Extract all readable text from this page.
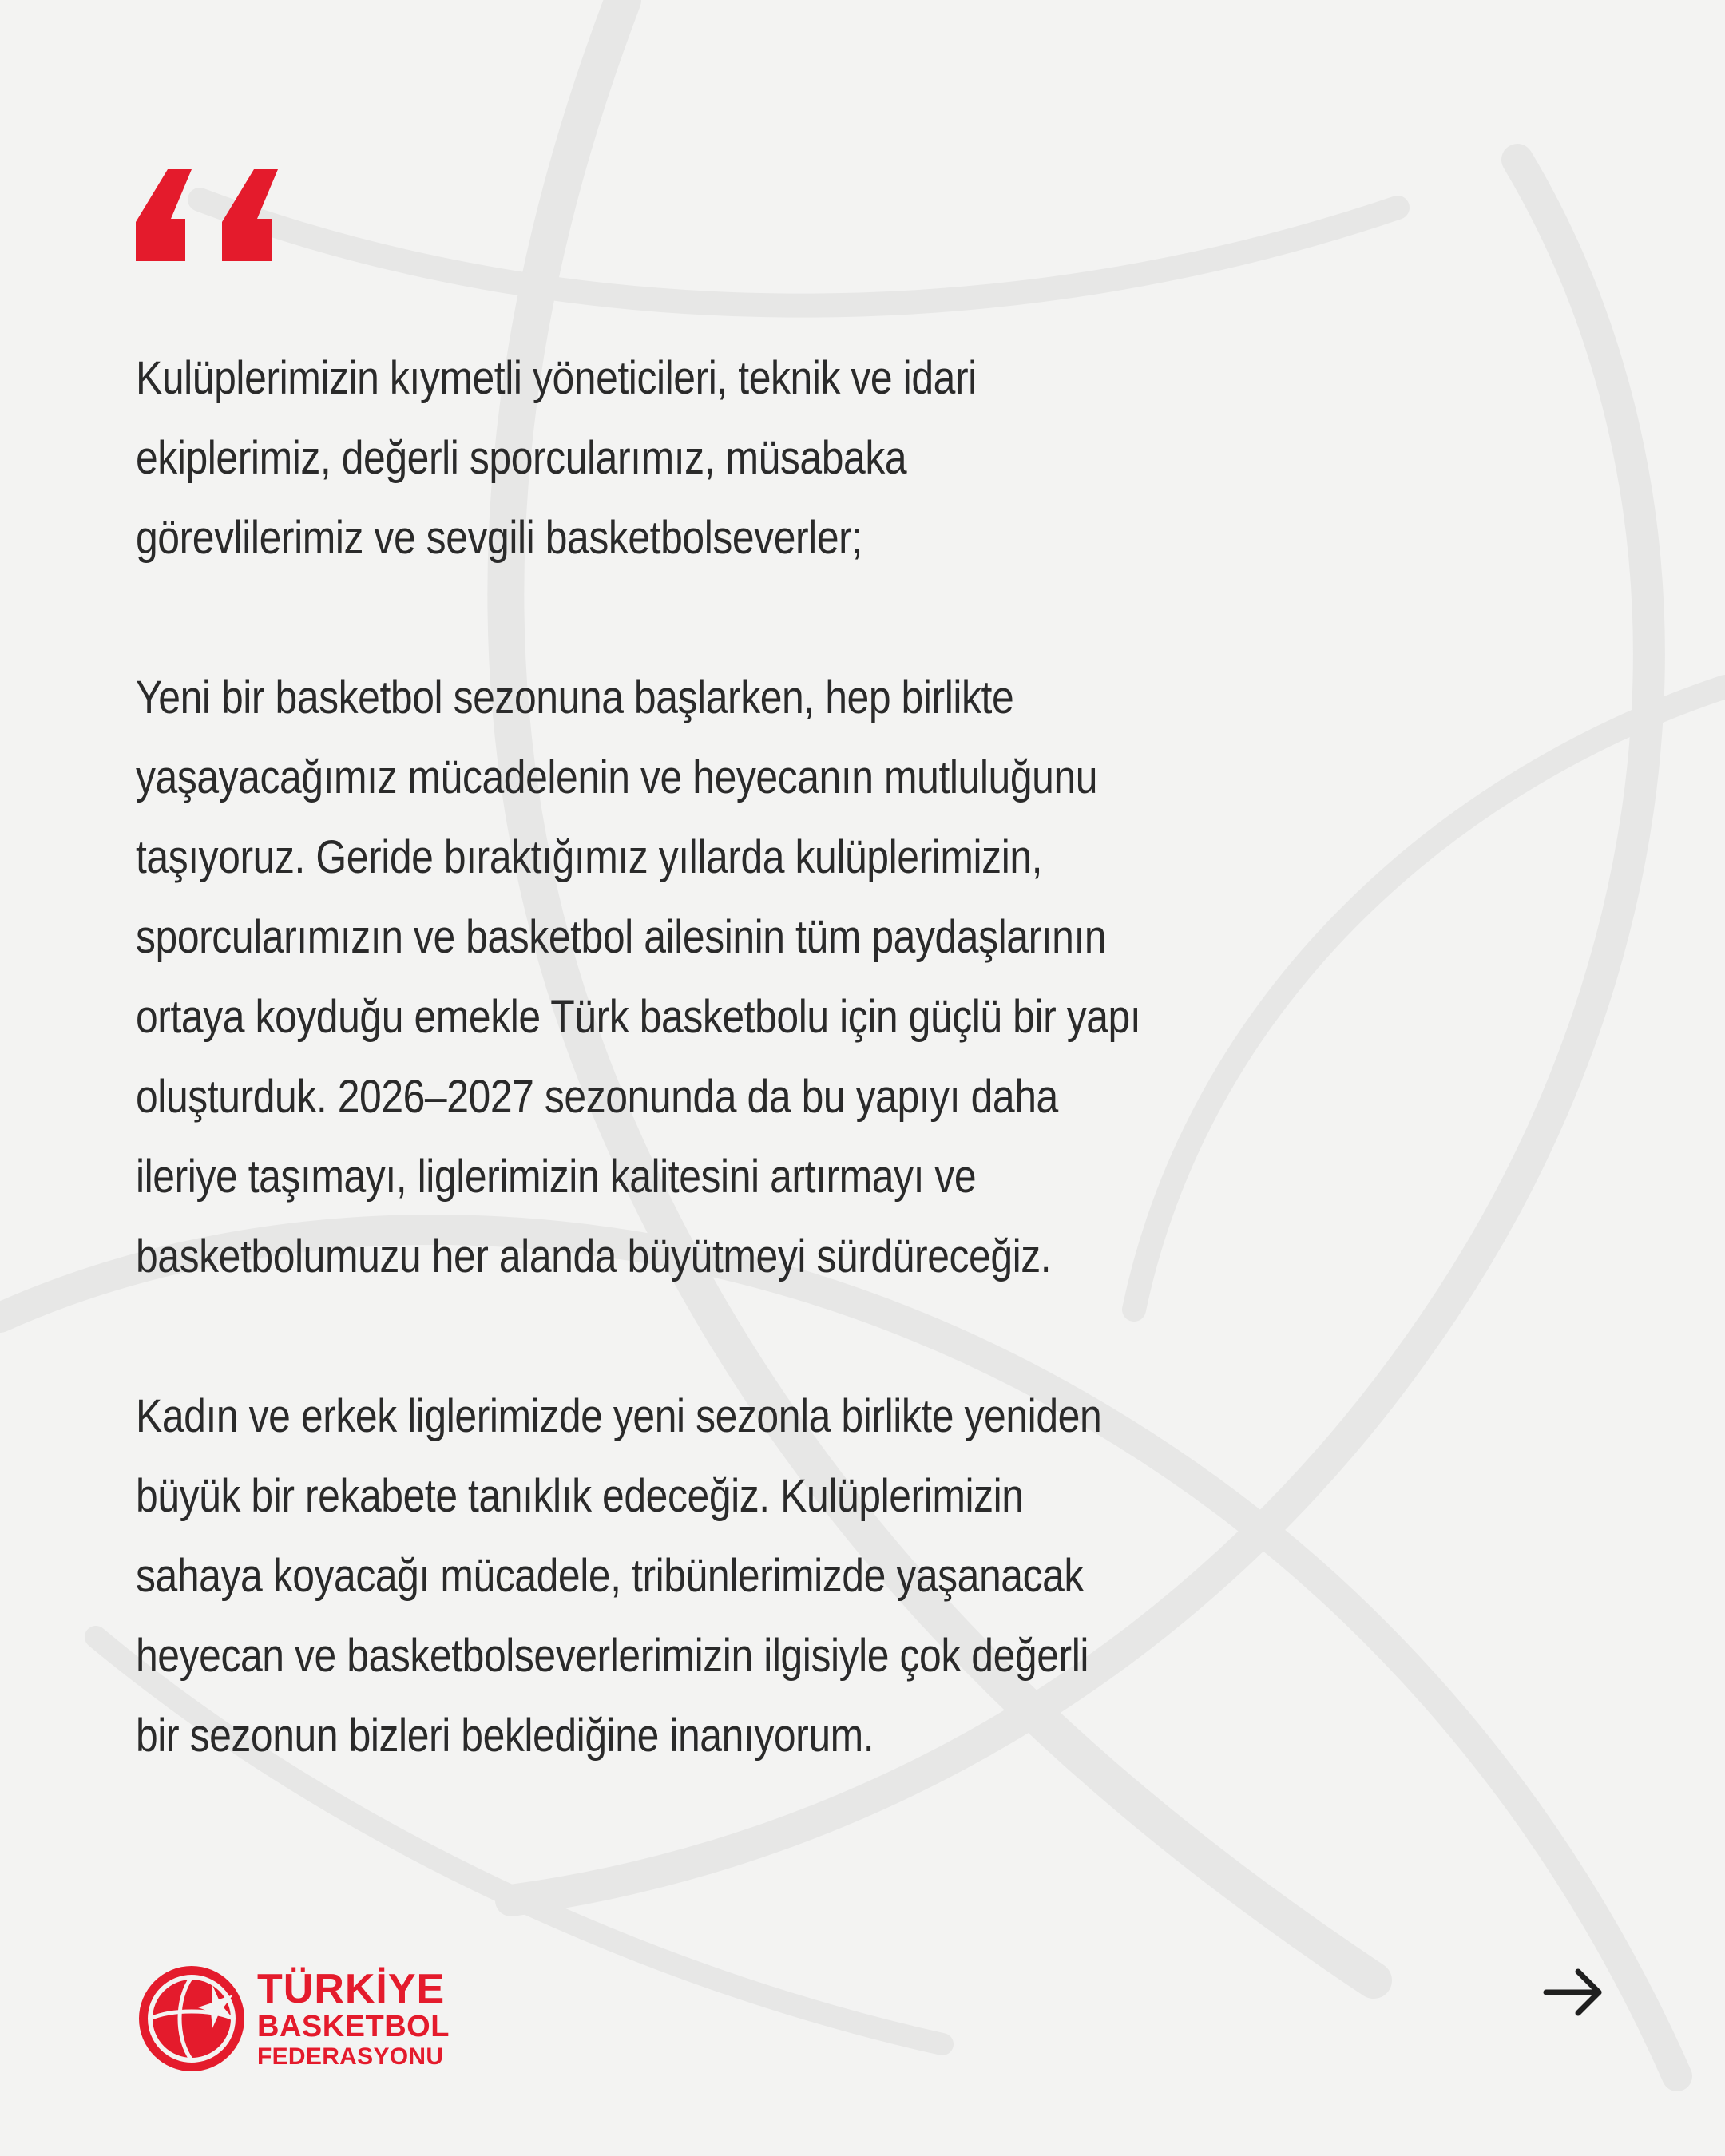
Kulüplerimizin kıymetli yöneticileri, teknik ve idari
ekiplerimiz, değerli sporcularımız, müsabaka
görevlilerimiz ve sevgili basketbolseverler;

Yeni bir basketbol sezonuna başlarken, hep birlikte
yaşayacağımız mücadelenin ve heyecanın mutluluğunu
taşıyoruz. Geride bıraktığımız yıllarda kulüplerimizin,
sporcularımızın ve basketbol ailesinin tüm paydaşlarının
ortaya koyduğu emekle Türk basketbolu için güçlü bir yapı
oluşturduk. 2026–2027 sezonunda da bu yapıyı daha
ileriye taşımayı, liglerimizin kalitesini artırmayı ve
basketbolumuzu her alanda büyütmeyi sürdüreceğiz.

Kadın ve erkek liglerimizde yeni sezonla birlikte yeniden
büyük bir rekabete tanıklık edeceğiz. Kulüplerimizin
sahaya koyacağı mücadele, tribünlerimizde yaşanacak
heyecan ve basketbolseverlerimizin ilgisiyle çok değerli
bir sezonun bizleri beklediğine inanıyorum.

TÜRKİYE
BASKETBOL
FEDERASYONU
